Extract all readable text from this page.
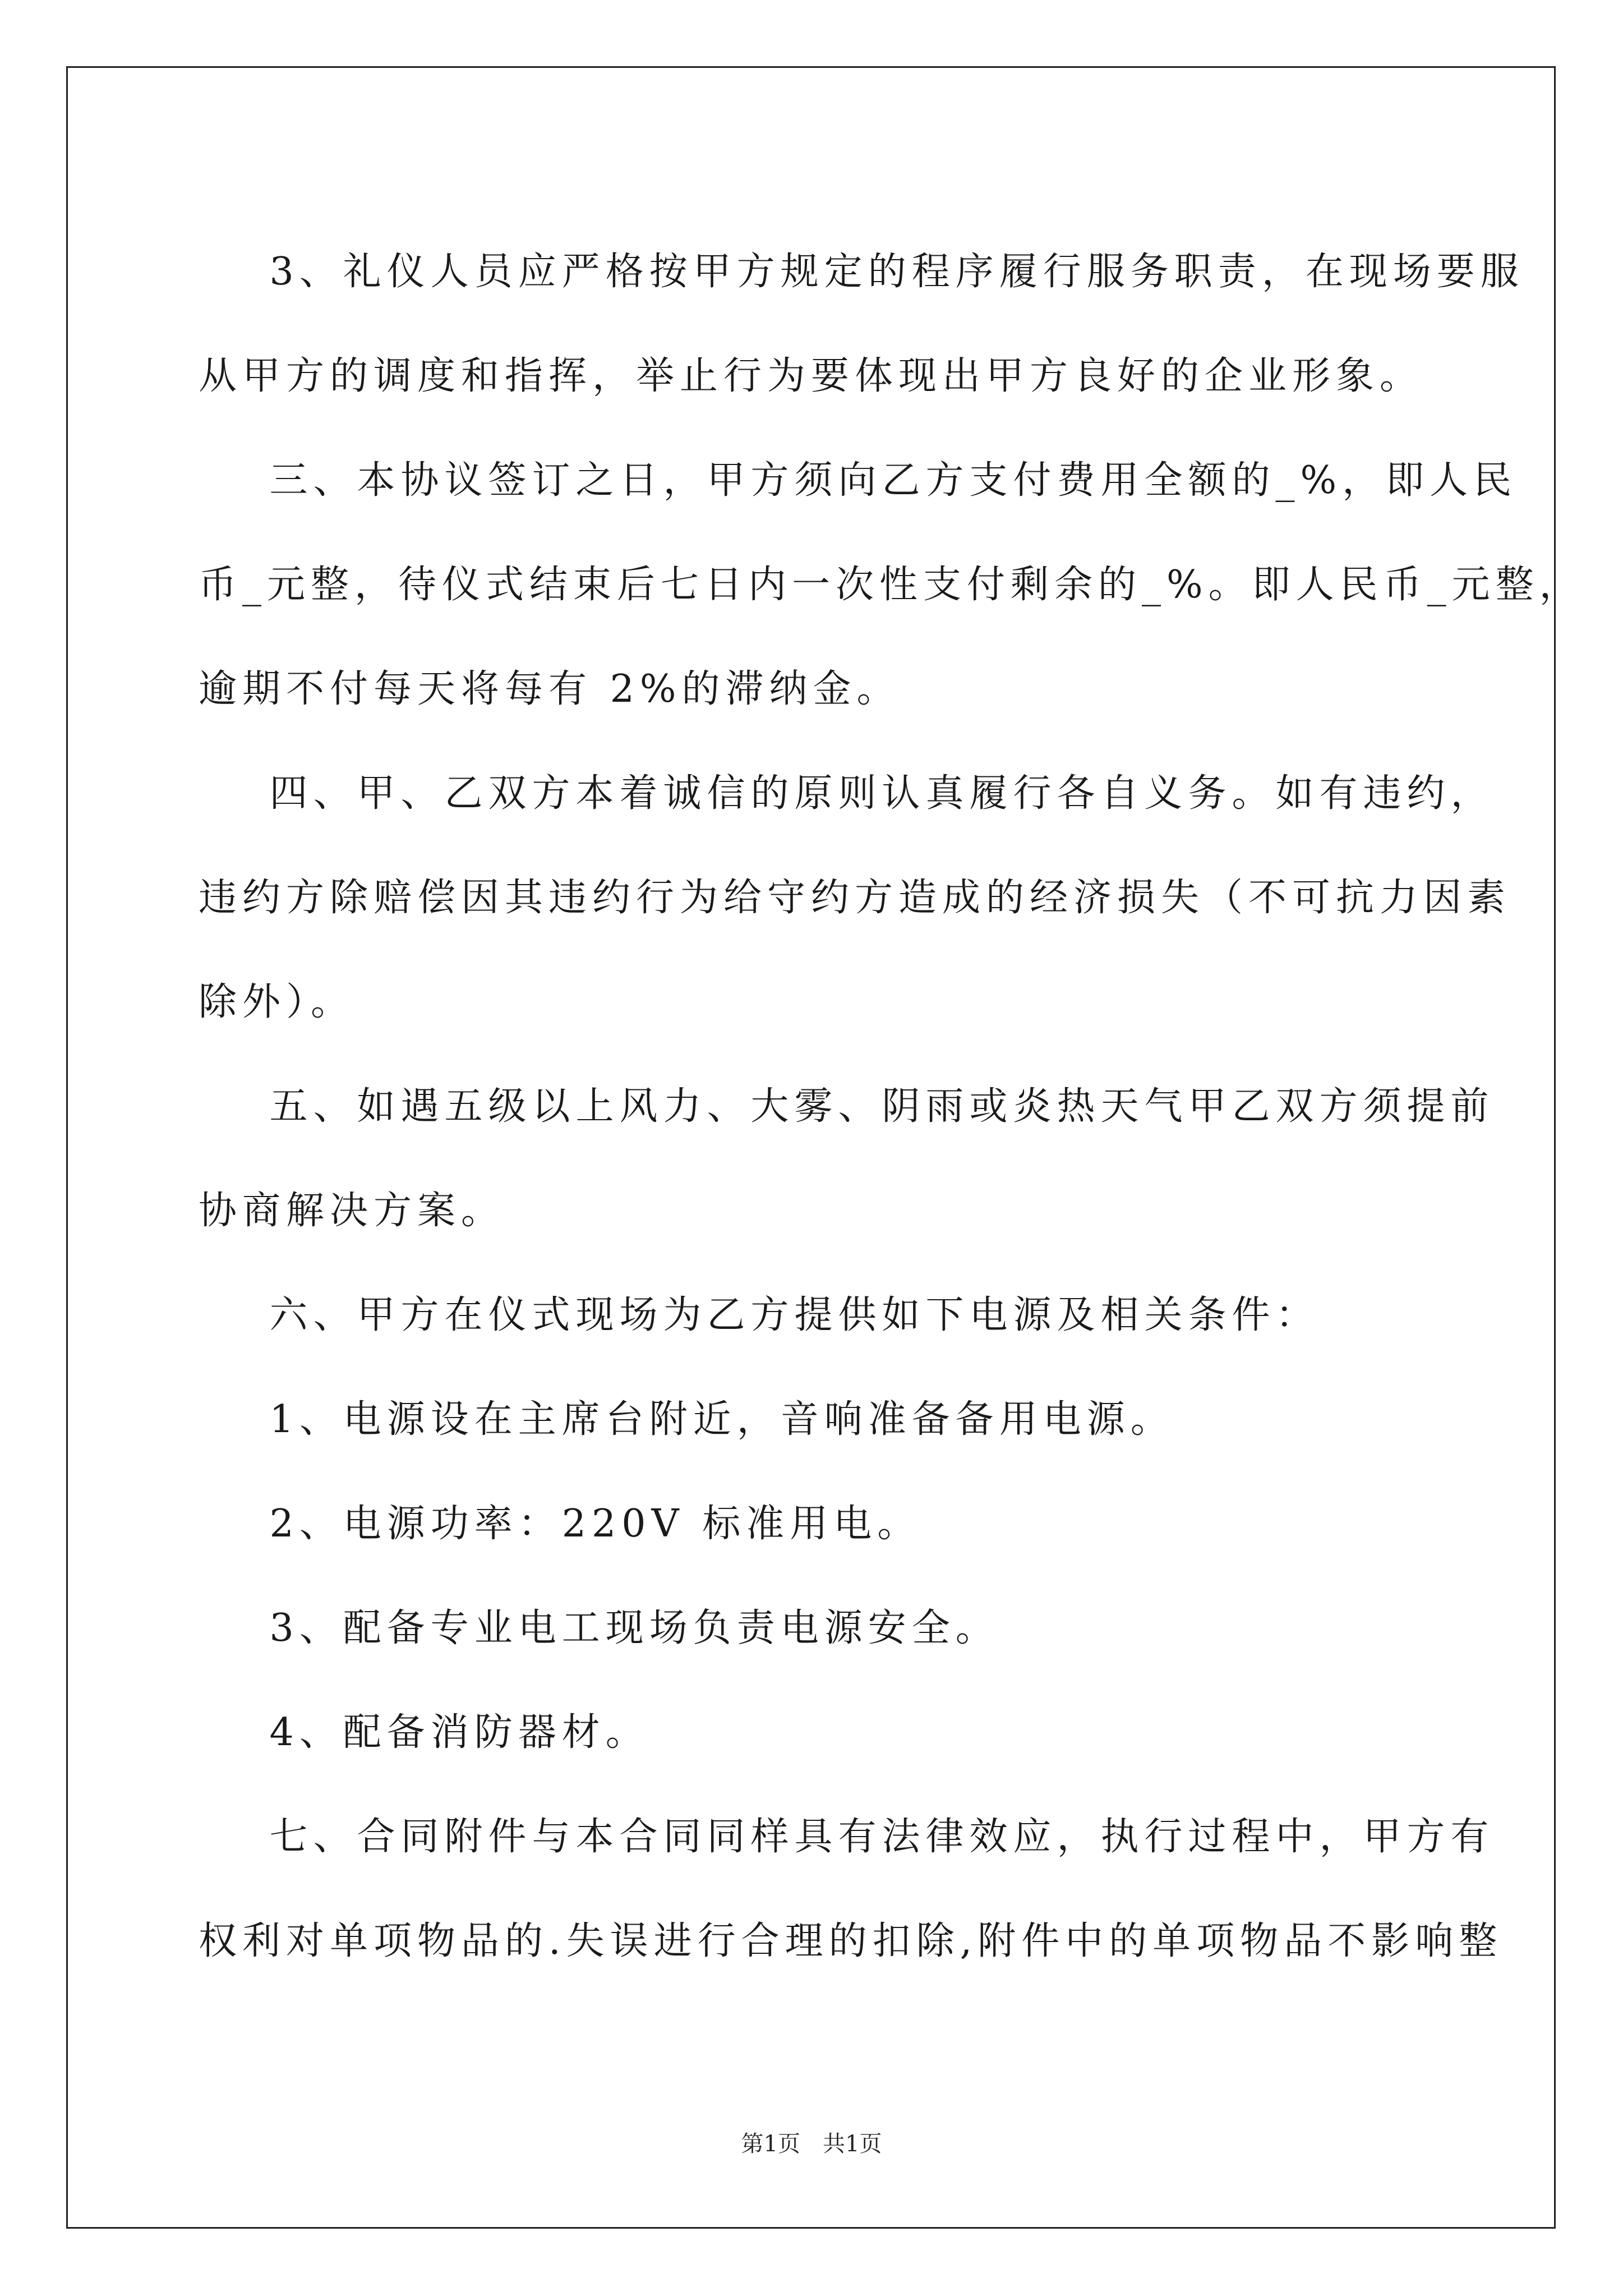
3、礼仪人员应严格按甲方规定的程序履行服务职责，在现场要服

从甲方的调度和指挥，举止行为要体现出甲方良好的企业形象。

三、本协议签订之日，甲方须向乙方支付费用全额的_%，即人民

币_元整，待仪式结束后七日内一次性支付剩余的_%。即人民币_元整，

逾期不付每天将每有 2%的滞纳金。

四、甲、乙双方本着诚信的原则认真履行各自义务。如有违约，

违约方除赔偿因其违约行为给守约方造成的经济损失（不可抗力因素

除外）。

五、如遇五级以上风力、大雾、阴雨或炎热天气甲乙双方须提前

协商解决方案。

六、甲方在仪式现场为乙方提供如下电源及相关条件：

1、电源设在主席台附近，音响准备备用电源。

2、电源功率：220V 标准用电。

3、配备专业电工现场负责电源安全。

4、配备消防器材。

七、合同附件与本合同同样具有法律效应，执行过程中，甲方有

权利对单项物品的.失误进行合理的扣除,附件中的单项物品不影响整

第1页　共1页
